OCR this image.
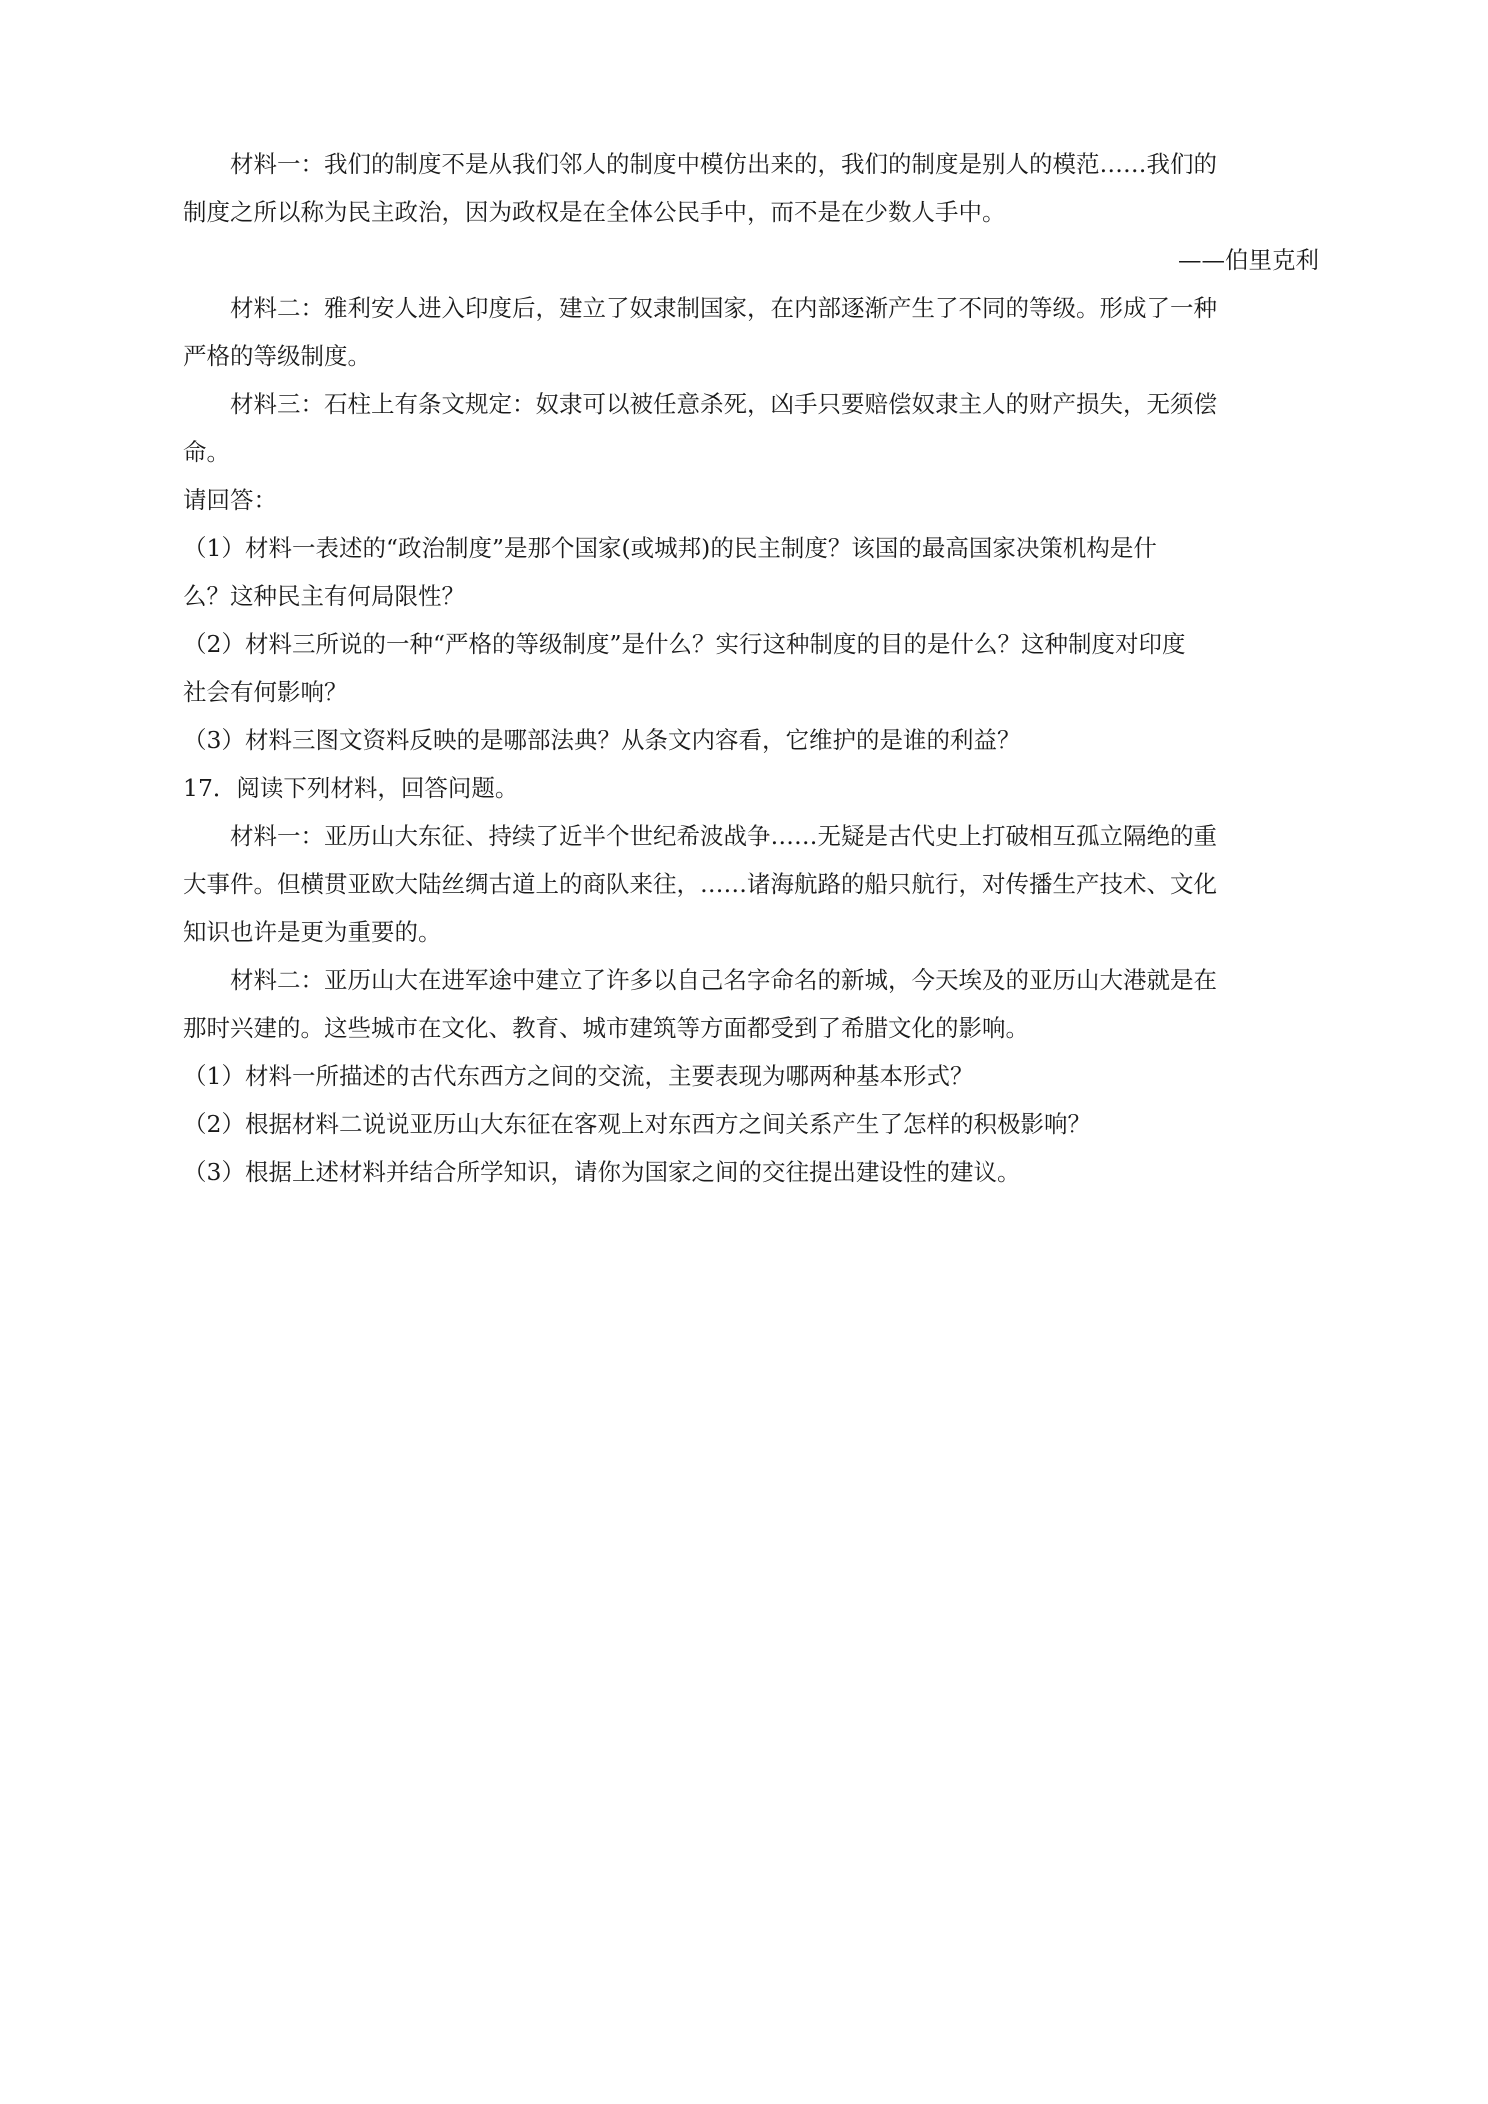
材料一：我们的制度不是从我们邻人的制度中模仿出来的，我们的制度是别人的模范……我们的
制度之所以称为民主政治，因为政权是在全体公民手中，而不是在少数人手中。
——伯里克利
材料二：雅利安人进入印度后，建立了奴隶制国家，在内部逐渐产生了不同的等级。形成了一种
严格的等级制度。
材料三：石柱上有条文规定：奴隶可以被任意杀死，凶手只要赔偿奴隶主人的财产损失，无须偿
命。
请回答：
（1）材料一表述的“政治制度”是那个国家(或城邦)的民主制度？该国的最高国家决策机构是什
么？这种民主有何局限性？
（2）材料三所说的一种“严格的等级制度”是什么？实行这种制度的目的是什么？这种制度对印度
社会有何影响？
（3）材料三图文资料反映的是哪部法典？从条文内容看，它维护的是谁的利益？
17．阅读下列材料，回答问题。
材料一：亚历山大东征、持续了近半个世纪希波战争……无疑是古代史上打破相互孤立隔绝的重
大事件。但横贯亚欧大陆丝绸古道上的商队来往，……诸海航路的船只航行，对传播生产技术、文化
知识也许是更为重要的。
材料二：亚历山大在进军途中建立了许多以自己名字命名的新城，今天埃及的亚历山大港就是在
那时兴建的。这些城市在文化、教育、城市建筑等方面都受到了希腊文化的影响。
（1）材料一所描述的古代东西方之间的交流，主要表现为哪两种基本形式？
（2）根据材料二说说亚历山大东征在客观上对东西方之间关系产生了怎样的积极影响？
（3）根据上述材料并结合所学知识，请你为国家之间的交往提出建设性的建议。
